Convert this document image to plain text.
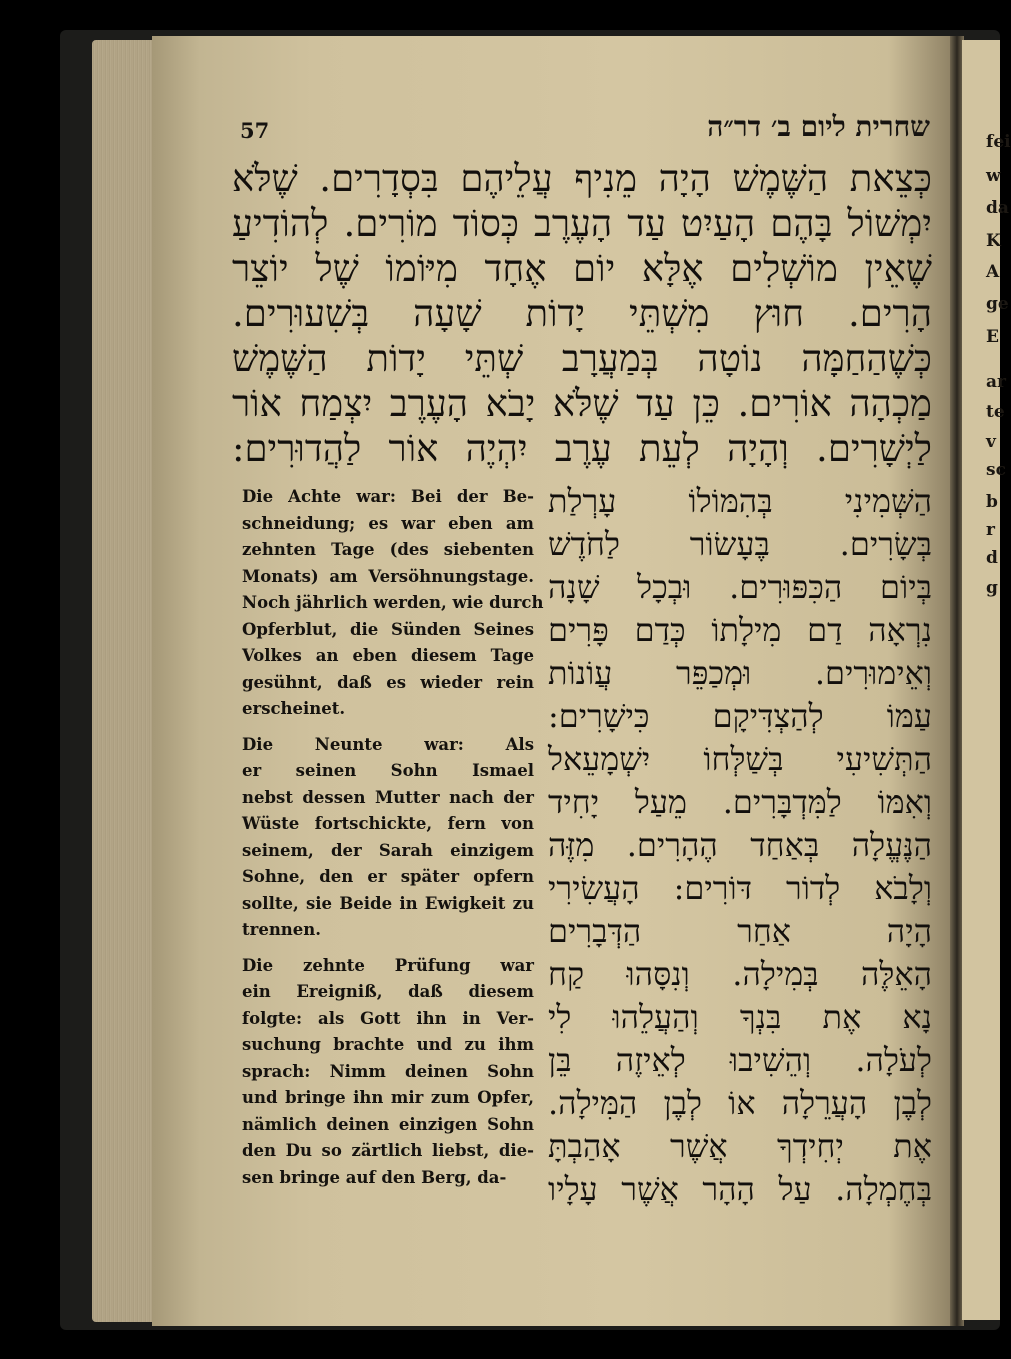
fei
w
da
K
A
ge
E
ar
te
v
sc
b
r
d
g
57	שחרית ליום ב׳ דר״ה
כְּצֵאת הַשֶּׁמֶשׁ הָיָה מֵנִיף עֲלֵיהֶם בִּסְדָרִים. שֶׁלֹּא
יִמְשׁוֹל בָּהֶם הָעַיִט עַד הָעֶרֶב כְּסוֹד מוֹרִים. לְהוֹדִיעַ
שֶׁאֵין מוֹשְׁלִים אֶלָּא יוֹם אֶחָד מִיּוֹמוֹ שֶׁל יוֹצֵר
הָרִים. חוּץ מִשְׁתֵּי יָדוֹת שָׁעָה בְּשִׁעוּרִים.
כְּשֶׁהַחַמָּה נוֹטָה בְּמַעֲרָב שְׁתֵּי יָדוֹת הַשֶּׁמֶשׁ
מַכְהָה אוֹרִים. כֵּן עַד שֶׁלֹּא יָבֹא הָעֶרֶב יִצְמַח אוֹר
לַיְשָׁרִים. וְהָיָה לְעֵת עֶרֶב יִהְיֶה אוֹר לַהֲדוּרִים:
הַשְּׁמִינִי בְּהִמּוֹלוֹ עָרְלַת
בְּשָׂרִים. בֶּעָשׂוֹר לַחֹדֶשׁ
בְּיוֹם הַכִּפּוּרִים. וּבְכָל שָׁנָה
נִרְאָה דַם מִילָתוֹ כְּדַם פָּרִים
וְאֵימוּרִים. וּמְכַפֵּר עֲוֹנוֹת
עַמּוֹ לְהַצְדִּיקָם כִּישָׁרִים:
הַתְּשִׁיעִי בְּשַׁלְּחוֹ יִשְׁמָעֵאל
וְאִמּוֹ לַמִּדְבָּרִים. מֵעַל יָחִיד
הַנֶּעֱלָה בְּאַחַד הֶהָרִים. מִזֶּה
וְלָבֹא לְדוֹר דּוֹרִים: הָעֲשִׂירִי
הָיָה אַחַר הַדְּבָרִים
הָאֵלֶּה בְּמִילָה. וְנִסָּהוּ קַח
נָא אֶת בִּנְךָ וְהַעֲלֵהוּ לִי
לְעֹלָה. וְהֵשִׁיבוּ לְאֵיזֶה בֵּן
לְבֶן הָעֲרֵלָה אוֹ לְבֶן הַמִּילָה.
אֶת יְחִידְךָ אֲשֶׁר אָהַבְתָּ
בְּחֶמְלָה. עַל הָהָר אֲשֶׁר עָלָיו

Die Achte war: Bei der Be-
schneidung; es war eben am
zehnten Tage (des siebenten
Monats) am Versöhnungstage.
Noch jährlich werden, wie durch
Opferblut, die Sünden Seines
Volkes an eben diesem Tage
gesühnt, daß es wieder rein
erscheinet.

Die Neunte war: Als
er seinen Sohn Ismael
nebst dessen Mutter nach der
Wüste fortschickte, fern von
seinem, der Sarah einzigem
Sohne, den er später opfern
sollte, sie Beide in Ewigkeit zu
trennen.

Die zehnte Prüfung war
ein Ereigniß, daß diesem
folgte: als Gott ihn in Ver-
suchung brachte und zu ihm
sprach: Nimm deinen Sohn
und bringe ihn mir zum Opfer,
nämlich deinen einzigen Sohn
den Du so zärtlich liebst, die-
sen bringe auf den Berg, da-
